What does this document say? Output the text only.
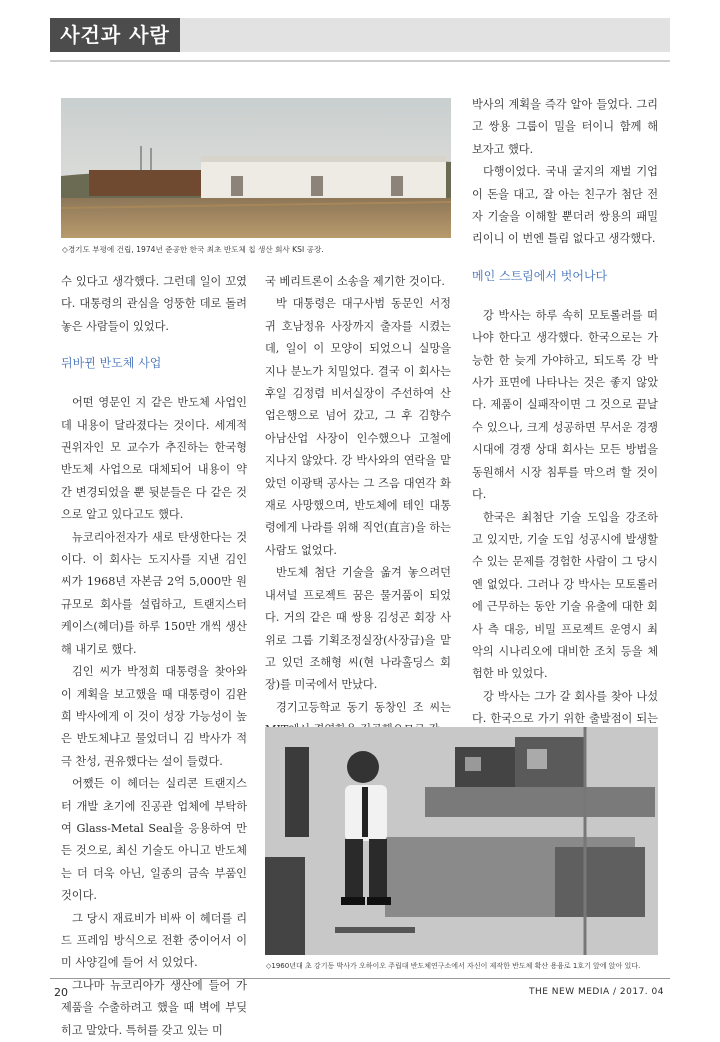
사건과 사람
◇경기도 부평에 건립, 1974년 준공한 한국 최초 반도체 칩 생산 회사 KSI 공장.

수 있다고 생각했다. 그런데 일이 꼬였다. 대통령의 관심을 엉뚱한 데로 돌려 놓은 사람들이 있었다.

뒤바뀐 반도체 사업

어떤 영문인 지 같은 반도체 사업인데 내용이 달라졌다는 것이다. 세계적 권위자인 모 교수가 추진하는 한국형 반도체 사업으로 대체되어 내용이 약간 변경되었을 뿐 뒷분들은 다 같은 것으로 알고 있다고도 했다.

뉴코리아전자가 새로 탄생한다는 것이다. 이 회사는 도지사를 지낸 김인 씨가 1968년 자본금 2억 5,000만 원 규모로 회사를 설립하고, 트랜지스터 케이스(헤더)를 하루 150만 개씩 생산해 내기로 했다.

김인 씨가 박정희 대통령을 찾아와 이 계획을 보고했을 때 대통령이 김완희 박사에게 이 것이 성장 가능성이 높은 반도체냐고 물었더니 김 박사가 적극 찬성, 권유했다는 설이 들렸다.

어쨌든 이 헤더는 실리콘 트랜지스터 개발 초기에 진공관 업체에 부탁하여 Glass-Metal Seal을 응용하여 만든 것으로, 최신 기술도 아니고 반도체는 더 더욱 아닌, 일종의 금속 부품인 것이다.

그 당시 재료비가 비싸 이 헤더를 리드 프레임 방식으로 전환 중이어서 이미 사양길에 들어 서 있었다.

그나마 뉴코리아가 생산에 들어 가 제품을 수출하려고 했을 때 벽에 부딪히고 말았다. 특허를 갖고 있는 미

국 베리트론이 소송을 제기한 것이다.

박 대통령은 대구사범 동문인 서정귀 호남정유 사장까지 출자를 시켰는데, 일이 이 모양이 되었으니 실망을 지나 분노가 치밀었다. 결국 이 회사는 후일 김정렴 비서실장이 주선하여 산업은행으로 넘어 갔고, 그 후 김향수 아남산업 사장이 인수했으나 고철에 지나지 않았다. 강 박사와의 연락을 맡았던 이광택 공사는 그 즈음 대연각 화재로 사망했으며, 반도체에 테인 대통령에게 나라를 위해 직언(直言)을 하는 사람도 없었다.

반도체 첨단 기술을 옮겨 놓으려던 내셔널 프로젝트 꿈은 물거품이 되었다. 거의 같은 때 쌍용 김성곤 회장 사위로 그룹 기획조정실장(사장급)을 맡고 있던 조해형 씨(현 나라홀딩스 회장)를 미국에서 만났다.

경기고등학교 동기 동창인 조 씨는

박사의 계획을 즉각 알아 들었다. 그리고 쌍용 그룹이 밀을 터이니 함께 해 보자고 했다.

다행이었다. 국내 굴지의 재벌 기업이 돈을 대고, 잘 아는 친구가 첨단 전자 기술을 이해할 뿐더러 쌍용의 패밀리이니 이 번엔 틀림 없다고 생각했다.

메인 스트림에서 벗어나다

강 박사는 하루 속히 모토롤러를 떠나야 한다고 생각했다. 한국으로는 가능한 한 늦게 가야하고, 되도록 강 박사가 표면에 나타나는 것은 좋지 않았다. 제품이 실패작이면 그 것으로 끝날 수 있으나, 크게 성공하면 무서운 경쟁 시대에 경쟁 상대 회사는 모든 방법을 동원해서 시장 침투를 막으려 할 것이다.

한국은 최첨단 기술 도입을 강조하고 있지만, 기술 도입 성공시에 발생할 수 있는 문제를 경험한 사람이 그 당시엔 없었다. 그러나 강 박사는 모토롤러에 근무하는 동안 기술 유출에 대한 회사 측 대응, 비밀 프로젝트 운영시 최악의 시나리오에 대비한 조치 등을 체험한 바 있었다.

강 박사는 그가 갈 회사를 찾아 나섰다. 한국으로 가기 위한 출발점이 되는

◇1960년대 초 강기동 박사가 오하이오 주립대 반도체연구소에서 자신이 제작한 반도체 확산 용융로 1호기 앞에 앉아 있다.
20	THE NEW MEDIA / 2017. 04
